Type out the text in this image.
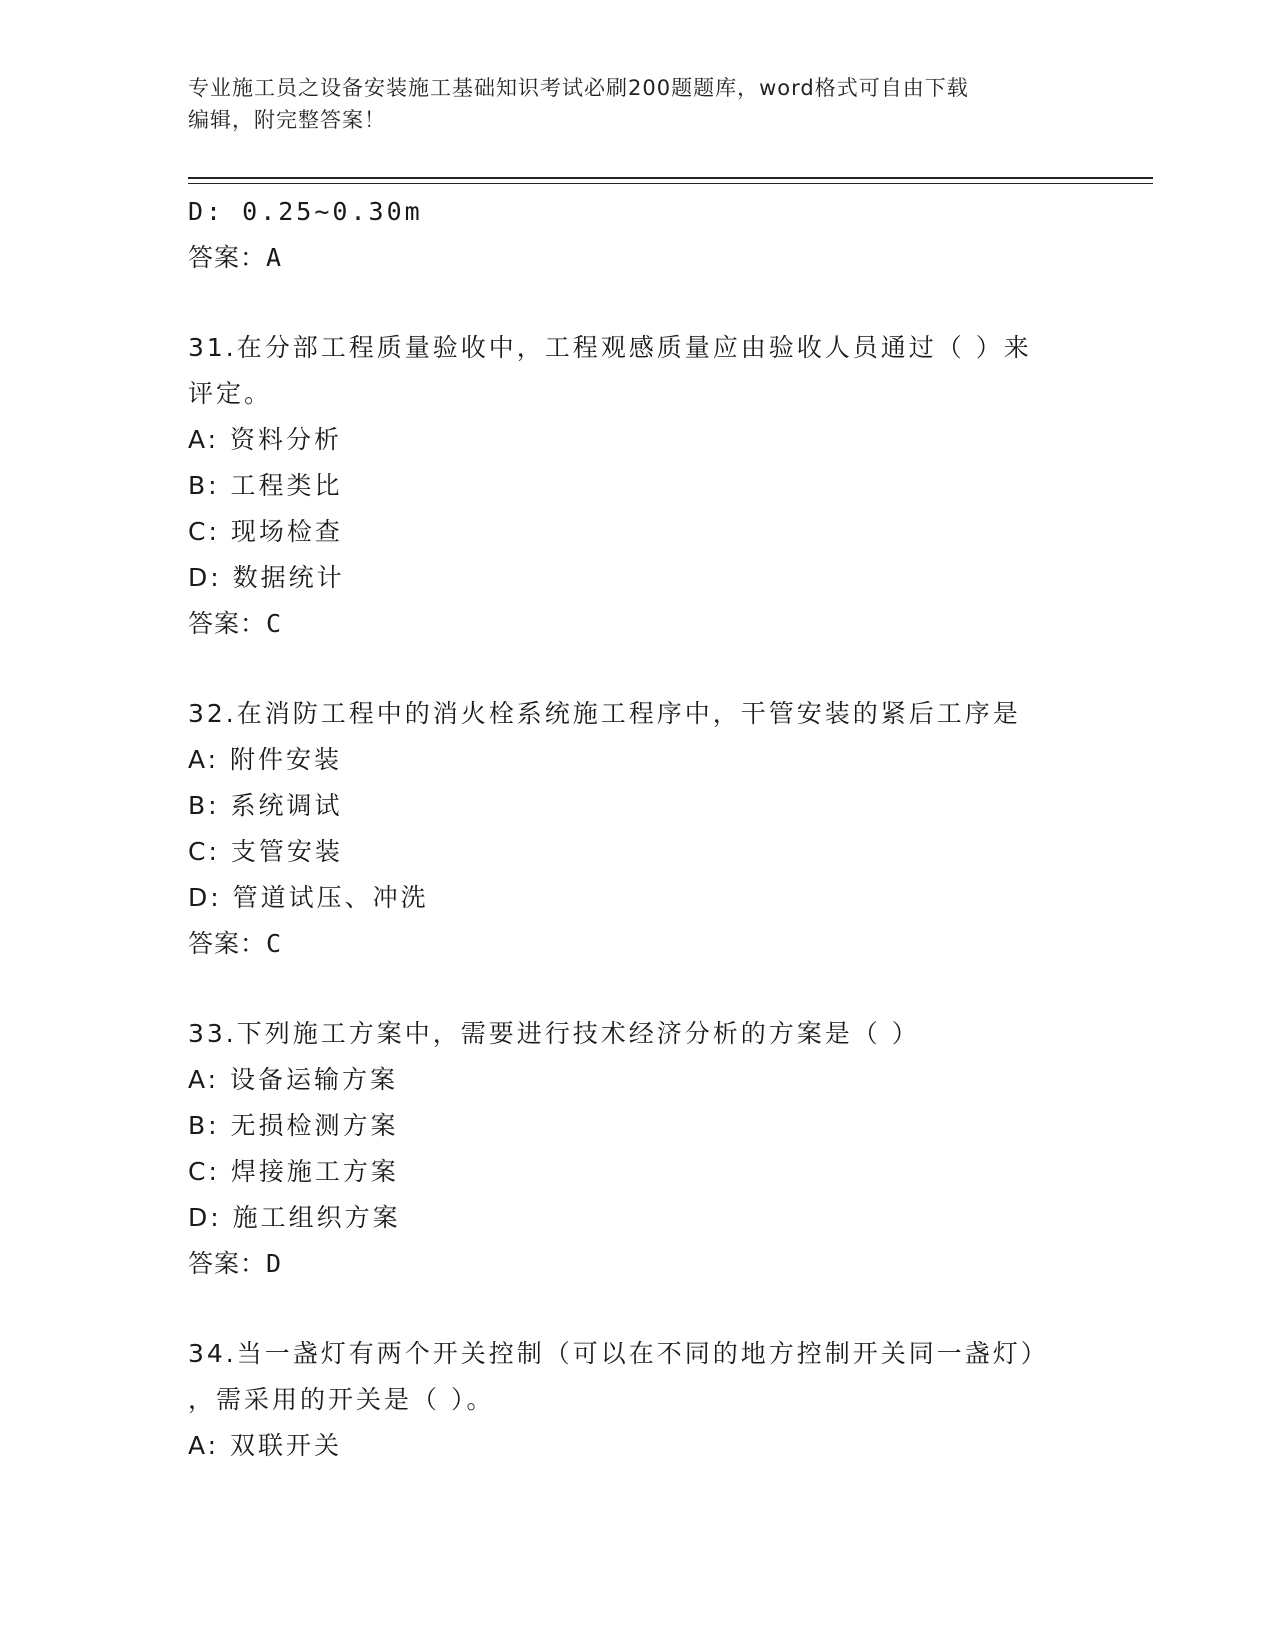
专业施工员之设备安装施工基础知识考试必刷200题题库，word格式可自由下载
编辑，附完整答案！
D: 0.25~0.30m
答案：A
31.在分部工程质量验收中，工程观感质量应由验收人员通过（ ）来
评定。
A: 资料分析
B: 工程类比
C: 现场检查
D: 数据统计
答案：C
32.在消防工程中的消火栓系统施工程序中，干管安装的紧后工序是
A: 附件安装
B: 系统调试
C: 支管安装
D: 管道试压、冲洗
答案：C
33.下列施工方案中，需要进行技术经济分析的方案是（ ）
A: 设备运输方案
B: 无损检测方案
C: 焊接施工方案
D: 施工组织方案
答案：D
34.当一盏灯有两个开关控制（可以在不同的地方控制开关同一盏灯）
，需采用的开关是（ ）。
A: 双联开关
